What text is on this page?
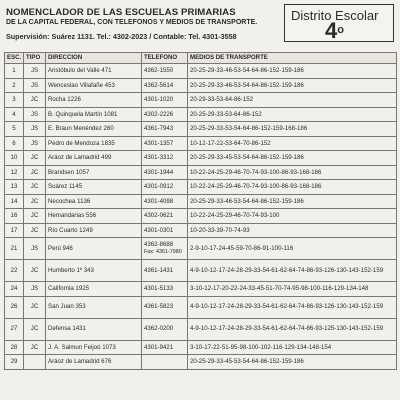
NOMENCLADOR DE LAS ESCUELAS PRIMARIAS
DE LA CAPITAL FEDERAL, CON TELEFONOS Y MEDIOS DE TRANSPORTE.
Supervisión: Suárez 1131. Tel.: 4302-2023 / Contable: Tel. 4301-3558
Distrito Escolar
4$^o$
ESC.	TIPO	DIRECCION	TELEFONO	MEDIOS DE TRANSPORTE
1	JS	Aristóbulo del Valle 471	4362-1550	20-25-29-33-46-53-54-64-86-152-159-186
2	JS	Wenceslao Villafañe 453	4362-5614	20-25-29-33-46-53-54-64-86-152-159-186
3	JC	Rocha 1226	4301-1020	20-29-33-53-64-86-152
4	JS	B. Quinquela Martín 1081	4302-2226	20-25-29-33-53-64-86-152
5	JS	E. Braun Menéndez 260	4361-7943	20-25-29-33-53-54-64-86-152-159-168-186
6	JS	Pedro de Mendoza 1835	4301-1357	10-12-17-22-53-64-70-86-152
10	JC	Aráoz de Lamadrid 499	4301-3312	20-25-29-33-45-53-54-64-86-152-159-186
12	JC	Brandsen 1057	4301-1944	10-22-24-25-29-46-70-74-93-100-86-93-168-186
13	JC	Suárez 1145	4301-0912	10-22-24-25-29-46-70-74-93-100-86-93-168-186
14	JC	Necochea 1136	4301-4098	20-25-29-33-46-53-54-64-86-152-159-186
16	JC	Hemandarias 556	4302-0621	10-22-24-25-29-46-70-74-93-100
17	JC	Río Cuarto 1249	4301-0301	10-20-33-39-70-74-93
21	JS	Perú 946	4362-8688
Fax: 4361-7980	2-9-10-17-24-45-59-70-86-91-100-116
22	JC	Humberto 1º 343	4361-1431	4-9-10-12-17-24-28-29-33-54-61-62-64-74-86-93-126-130-143-152-159
24	JS	California 1925	4301-5133	3-10-12-17-20-22-24-33-45-51-70-74-95-98-100-116-129-134-148
26	JC	San Juan 353	4361-5823	4-9-10-12-17-24-28-29-33-54-61-62-64-74-86-93-126-130-143-152-159
27	JC	Defensa 1431	4362-0200	4-9-10-12-17-24-28-29-33-54-61-62-64-74-86-93-125-130-143-152-159
28	JC	J. A. Salmun Feijoó 1073	4301-9421	3-10-17-22-51-95-98-100-102-116-129-134-148-154
29		Aráoz de Lamadrid 676		20-25-29-33-45-53-54-64-86-152-159-186
